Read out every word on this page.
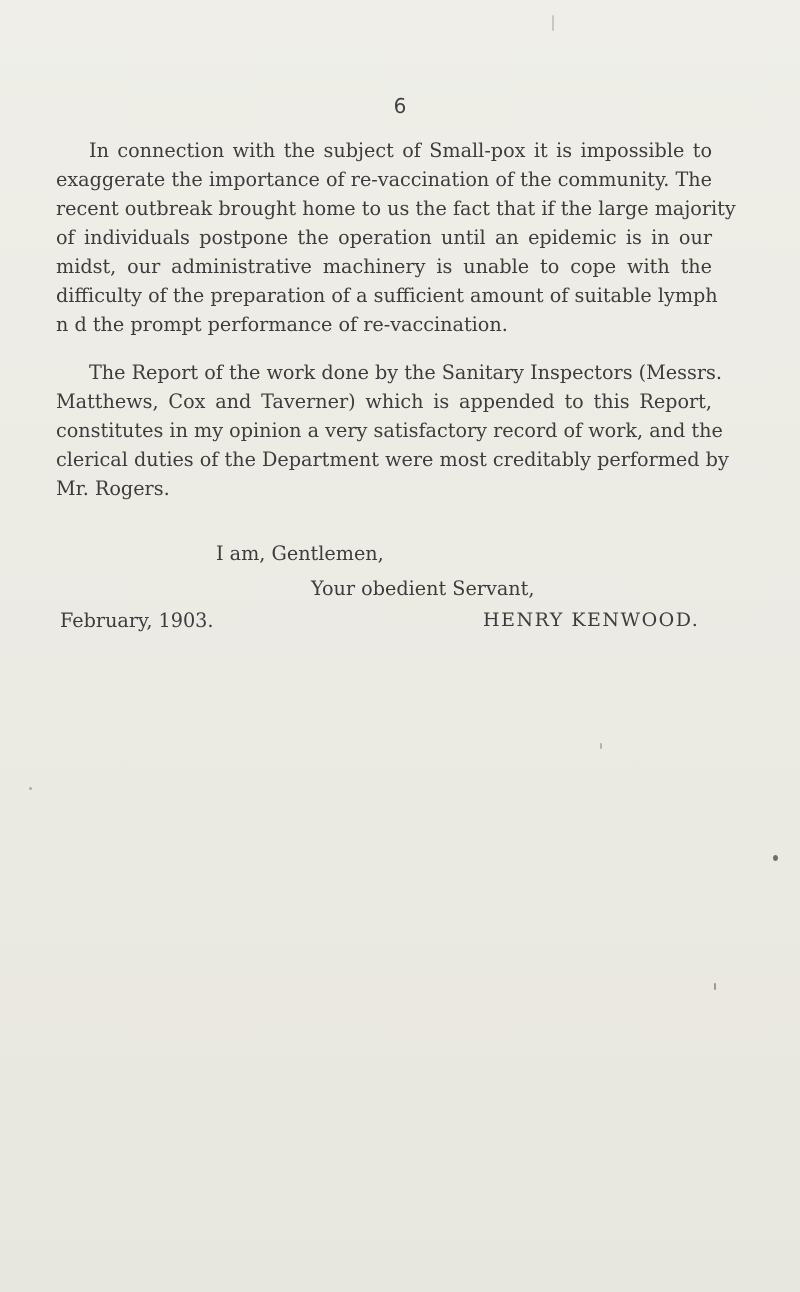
6

In connection with the subject of Small-pox it is impossible to
exaggerate the importance of re-vaccination of the community. The
recent outbreak brought home to us the fact that if the large majority
of individuals postpone the operation until an epidemic is in our
midst, our administrative machinery is unable to cope with the
difficulty of the preparation of a sufficient amount of suitable lymph
n d the prompt performance of re-vaccination.

The Report of the work done by the Sanitary Inspectors (Messrs.
Matthews, Cox and Taverner) which is appended to this Report,
constitutes in my opinion a very satisfactory record of work, and the
clerical duties of the Department were most creditably performed by
Mr. Rogers.

I am, Gentlemen,
Your obedient Servant,
February, 1903.	HENRY KENWOOD.
